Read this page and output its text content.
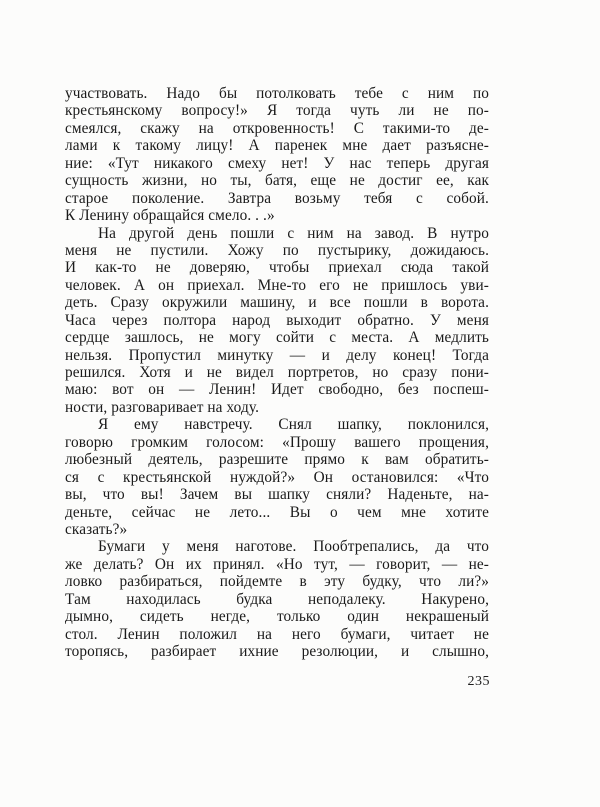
участвовать. Надо бы потолковать тебе с ним по
крестьянскому вопросу!» Я тогда чуть ли не по-
смеялся, скажу на откровенность! С такими-то де-
лами к такому лицу! А паренек мне дает разъясне-
ние: «Тут никакого смеху нет! У нас теперь другая
сущность жизни, но ты, батя, еще не достиг ее, как
старое поколение. Завтра возьму тебя с собой.
К Ленину обращайся смело. . .»
На другой день пошли с ним на завод. В нутро
меня не пустили. Хожу по пустырику, дожидаюсь.
И как-то не доверяю, чтобы приехал сюда такой
человек. А он приехал. Мне-то его не пришлось уви-
деть. Сразу окружили машину, и все пошли в ворота.
Часа через полтора народ выходит обратно. У меня
сердце зашлось, не могу сойти с места. А медлить
нельзя. Пропустил минутку — и делу конец! Тогда
решился. Хотя и не видел портретов, но сразу пони-
маю: вот он — Ленин! Идет свободно, без поспеш-
ности, разговаривает на ходу.
Я ему навстречу. Снял шапку, поклонился,
говорю громким голосом: «Прошу вашего прощения,
любезный деятель, разрешите прямо к вам обратить-
ся с крестьянской нуждой?» Он остановился: «Что
вы, что вы! Зачем вы шапку сняли? Наденьте, на-
деньте, сейчас не лето... Вы о чем мне хотите
сказать?»
Бумаги у меня наготове. Пообтрепались, да что
же делать? Он их принял. «Но тут, — говорит, — не-
ловко разбираться, пойдемте в эту будку, что ли?»
Там находилась будка неподалеку. Накурено,
дымно, сидеть негде, только один некрашеный
стол. Ленин положил на него бумаги, читает не
торопясь, разбирает ихние резолюции, и слышно,
235
